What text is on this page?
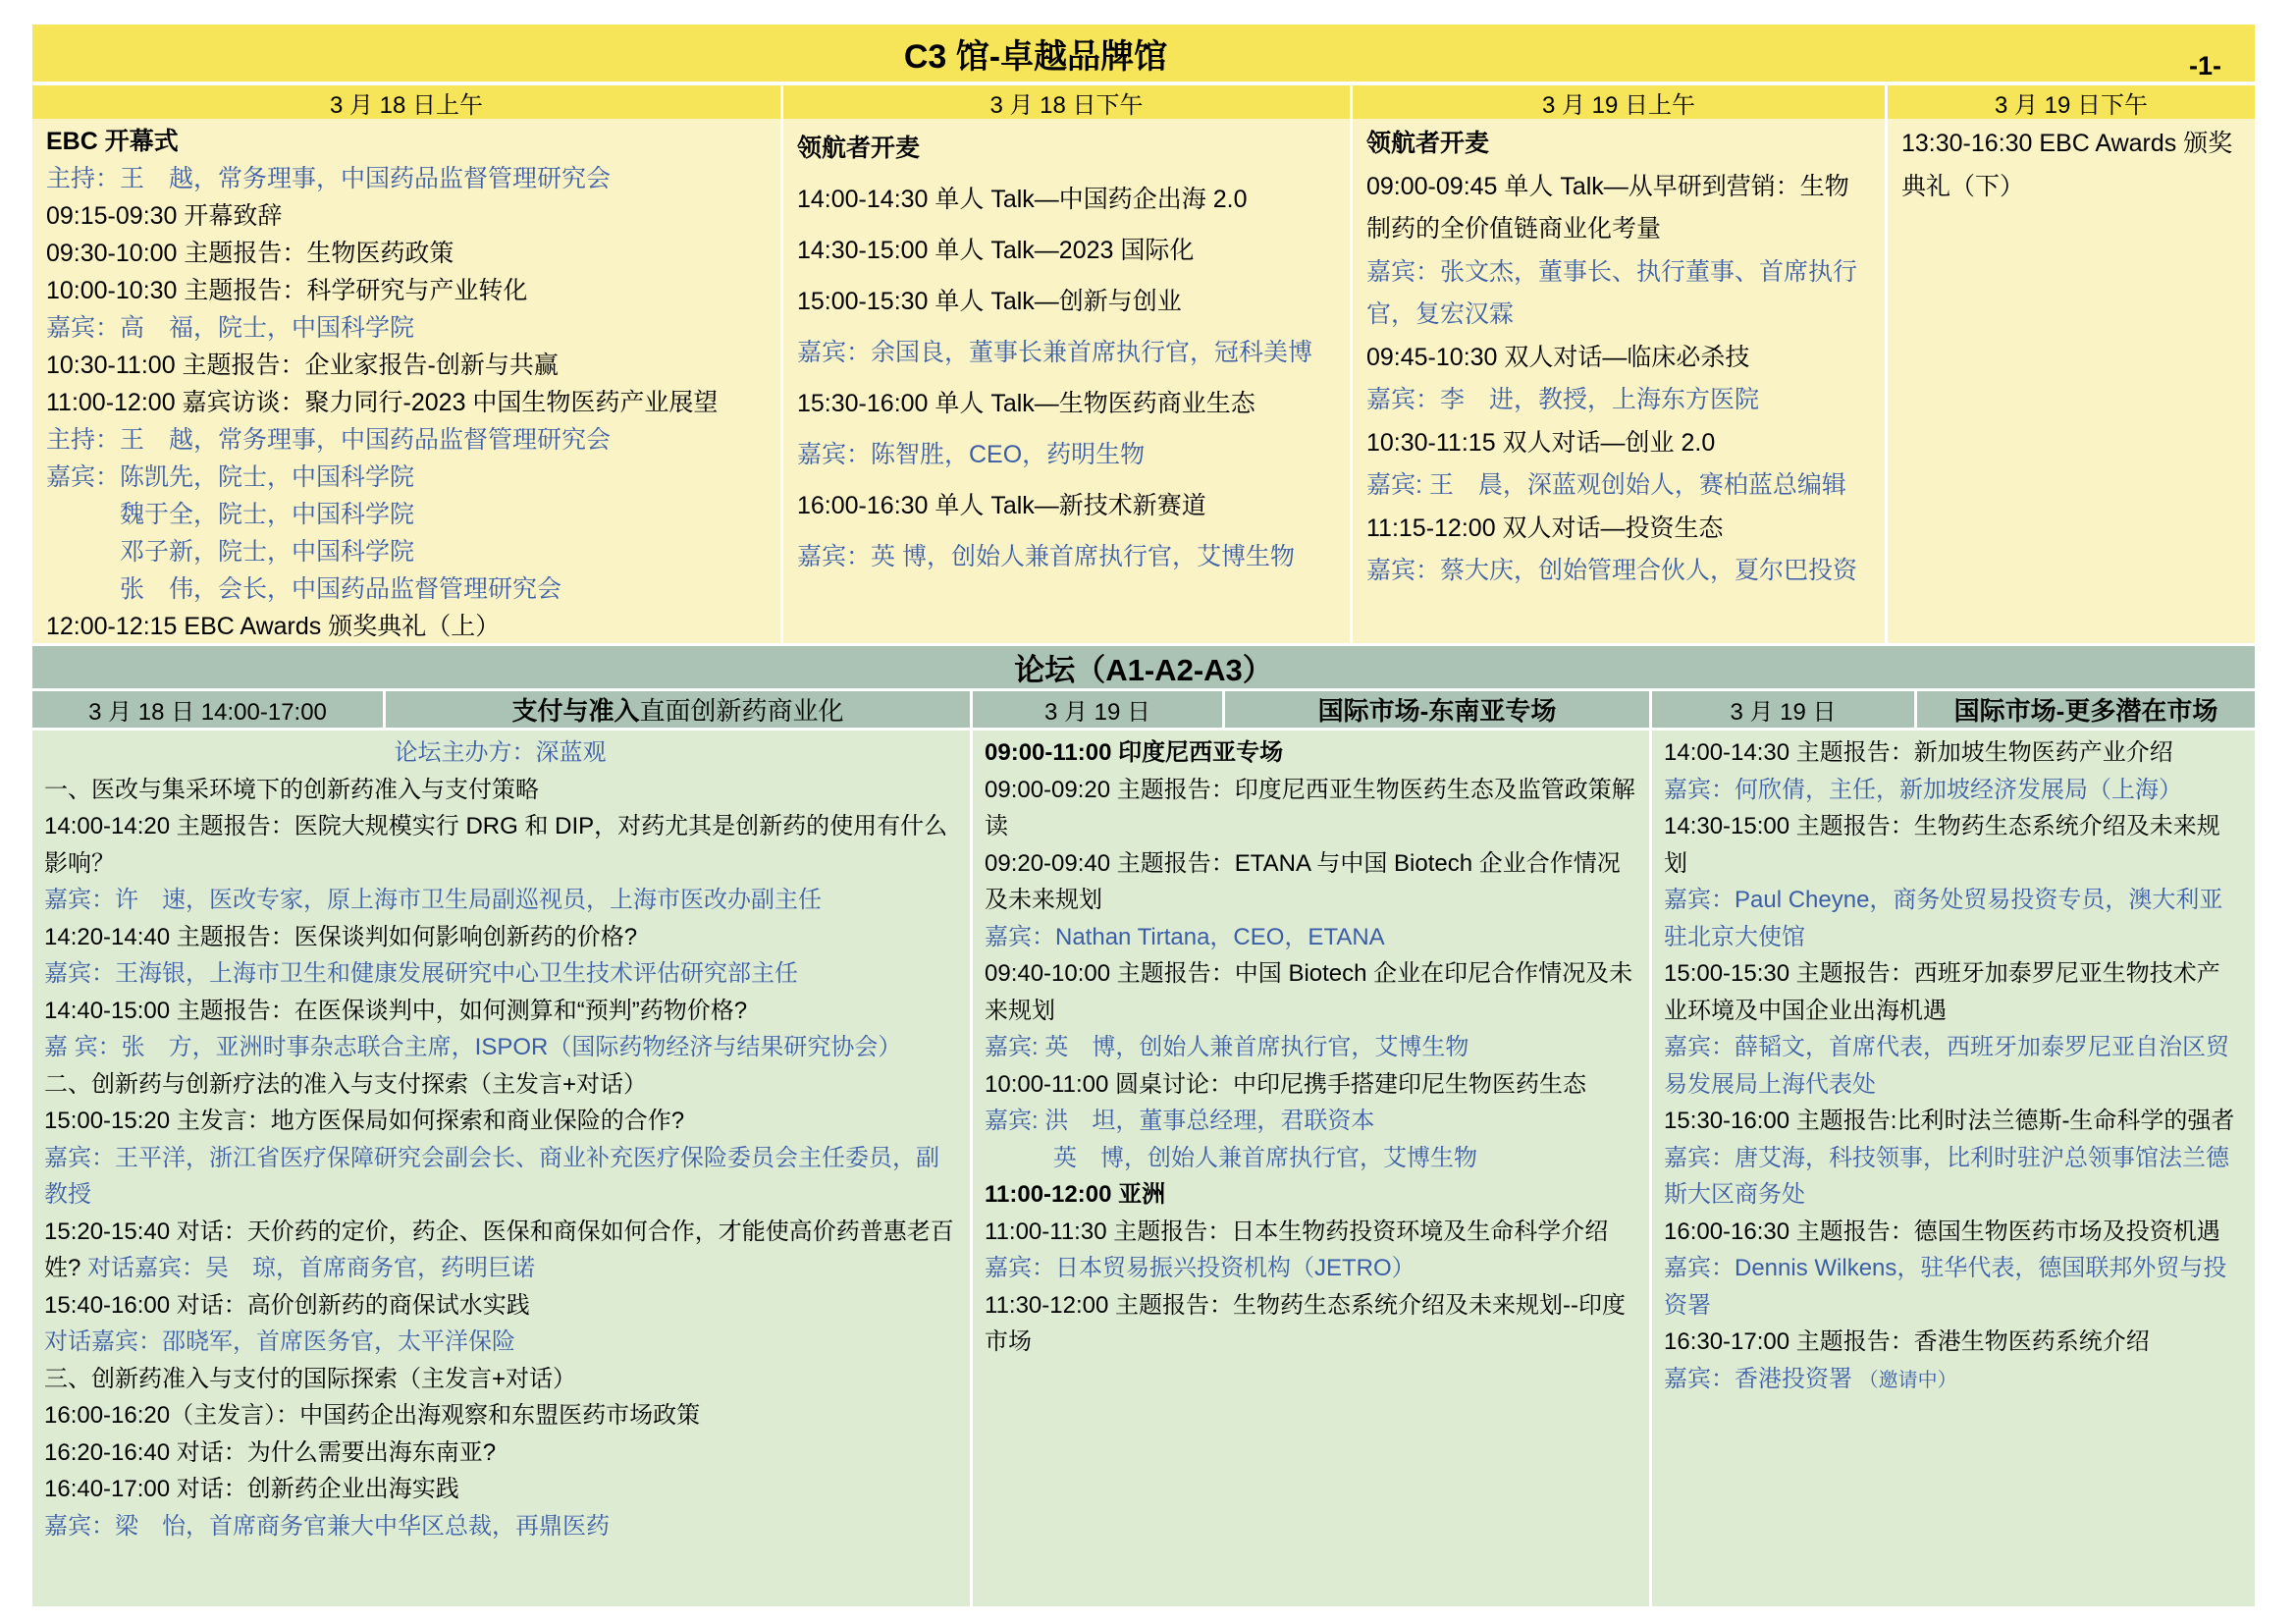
C3 馆-卓越品牌馆	-1-
3 月 18 日上午	3 月 18 日下午	3 月 19 日上午	3 月 19 日下午
EBC 开幕式
主持：王　越，常务理事，中国药品监督管理研究会
09:15-09:30 开幕致辞
09:30-10:00 主题报告：生物医药政策
10:00-10:30 主题报告：科学研究与产业转化
嘉宾：高　福，院士，中国科学院
10:30-11:00 主题报告：企业家报告-创新与共赢
11:00-12:00 嘉宾访谈：聚力同行-2023 中国生物医药产业展望
主持：王　越，常务理事，中国药品监督管理研究会
嘉宾：陈凯先，院士，中国科学院
魏于全，院士，中国科学院
邓子新，院士，中国科学院
张　伟，会长，中国药品监督管理研究会
12:00-12:15 EBC Awards 颁奖典礼（上）
领航者开麦
14:00-14:30 单人 Talk—中国药企出海 2.0
14:30-15:00 单人 Talk—2023 国际化
15:00-15:30 单人 Talk—创新与创业
嘉宾：余国良，董事长兼首席执行官，冠科美博
15:30-16:00 单人 Talk—生物医药商业生态
嘉宾：陈智胜，CEO，药明生物
16:00-16:30 单人 Talk—新技术新赛道
嘉宾：英 博，创始人兼首席执行官，艾博生物
领航者开麦
09:00-09:45 单人 Talk—从早研到营销：生物制药的全价值链商业化考量
嘉宾：张文杰，董事长、执行董事、首席执行官，复宏汉霖
09:45-10:30 双人对话—临床必杀技
嘉宾：李　进，教授，上海东方医院
10:30-11:15 双人对话—创业 2.0
嘉宾: 王　晨，深蓝观创始人，赛柏蓝总编辑
11:15-12:00 双人对话—投资生态
嘉宾：蔡大庆，创始管理合伙人，夏尔巴投资
13:30-16:30 EBC Awards 颁奖典礼（下）
论坛（A1-A2-A3）
3 月 18 日 14:00-17:00	支付与准入 直面创新药商业化	3 月 19 日	国际市场-东南亚专场	3 月 19 日	国际市场-更多潜在市场
论坛主办方：深蓝观
一、医改与集采环境下的创新药准入与支付策略
14:00-14:20 主题报告：医院大规模实行 DRG 和 DIP，对药尤其是创新药的使用有什么影响？
嘉宾：许　速，医改专家，原上海市卫生局副巡视员，上海市医改办副主任
14:20-14:40 主题报告：医保谈判如何影响创新药的价格?
嘉宾：王海银，上海市卫生和健康发展研究中心卫生技术评估研究部主任
14:40-15:00 主题报告：在医保谈判中，如何测算和“预判”药物价格?
嘉 宾：张　方，亚洲时事杂志联合主席，ISPOR（国际药物经济与结果研究协会）
二、创新药与创新疗法的准入与支付探索（主发言+对话）
15:00-15:20 主发言：地方医保局如何探索和商业保险的合作?
嘉宾：王平洋，浙江省医疗保障研究会副会长、商业补充医疗保险委员会主任委员，副教授
15:20-15:40 对话：天价药的定价，药企、医保和商保如何合作，才能使高价药普惠老百姓? 对话嘉宾：吴　琼，首席商务官，药明巨诺
15:40-16:00 对话：高价创新药的商保试水实践
对话嘉宾：邵晓军，首席医务官，太平洋保险
三、创新药准入与支付的国际探索（主发言+对话）
16:00-16:20（主发言）：中国药企出海观察和东盟医药市场政策
16:20-16:40 对话：为什么需要出海东南亚?
16:40-17:00 对话：创新药企业出海实践
嘉宾：梁　怡，首席商务官兼大中华区总裁，再鼎医药
09:00-11:00 印度尼西亚专场
09:00-09:20 主题报告：印度尼西亚生物医药生态及监管政策解读
09:20-09:40 主题报告：ETANA 与中国 Biotech 企业合作情况及未来规划
嘉宾：Nathan Tirtana，CEO，ETANA
09:40-10:00 主题报告：中国 Biotech 企业在印尼合作情况及未来规划
嘉宾: 英　博，创始人兼首席执行官，艾博生物
10:00-11:00 圆桌讨论：中印尼携手搭建印尼生物医药生态
嘉宾: 洪　坦，董事总经理，君联资本
英　博，创始人兼首席执行官，艾博生物
11:00-12:00 亚洲
11:00-11:30 主题报告：日本生物药投资环境及生命科学介绍
嘉宾：日本贸易振兴投资机构（JETRO）
11:30-12:00 主题报告：生物药生态系统介绍及未来规划--印度市场
14:00-14:30 主题报告：新加坡生物医药产业介绍
嘉宾：何欣倩，主任，新加坡经济发展局（上海）
14:30-15:00 主题报告：生物药生态系统介绍及未来规划
嘉宾：Paul Cheyne，商务处贸易投资专员，澳大利亚驻北京大使馆
15:00-15:30 主题报告：西班牙加泰罗尼亚生物技术产业环境及中国企业出海机遇
嘉宾：薛韬文，首席代表，西班牙加泰罗尼亚自治区贸易发展局上海代表处
15:30-16:00 主题报告:比利时法兰德斯-生命科学的强者
嘉宾：唐艾海，科技领事，比利时驻沪总领事馆法兰德斯大区商务处
16:00-16:30 主题报告：德国生物医药市场及投资机遇
嘉宾：Dennis Wilkens，驻华代表，德国联邦外贸与投资署
16:30-17:00 主题报告：香港生物医药系统介绍
嘉宾：香港投资署 （邀请中）
